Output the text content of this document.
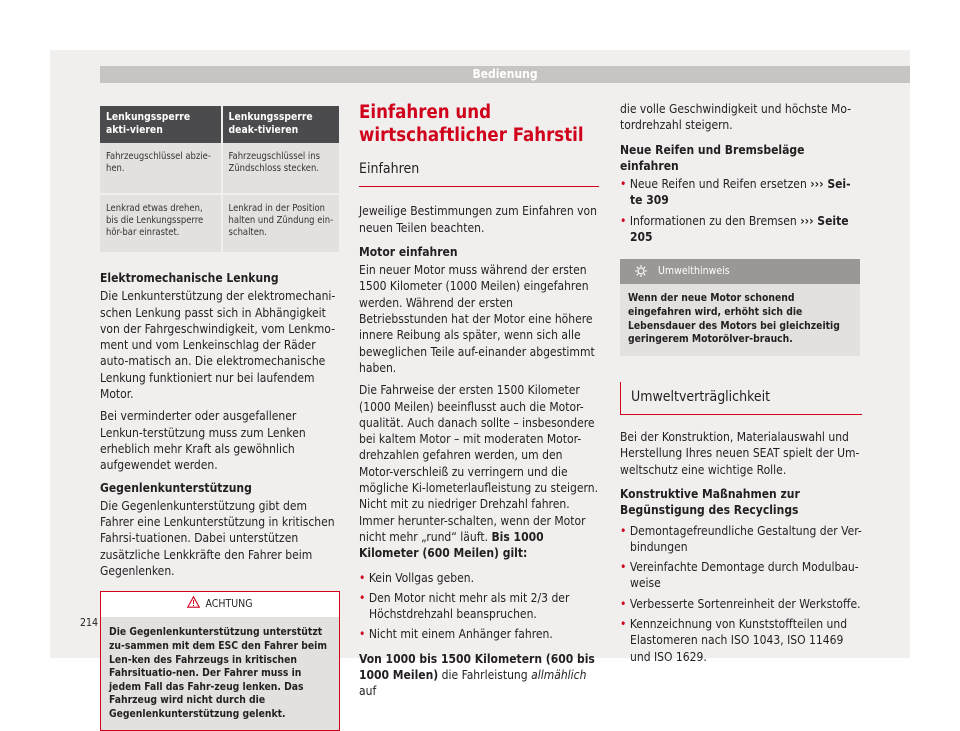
Bedienung
214
Lenkungssperre akti-vieren	Lenkungssperre deak-tivieren
Fahrzeugschlüssel abzie-hen.	Fahrzeugschlüssel ins Zündschloss stecken.
Lenkrad etwas drehen, bis die Lenkungssperre hör-bar einrastet.	Lenkrad in der Position halten und Zündung ein-schalten.

Elektromechanische Lenkung

Die Lenkunterstützung der elektromechani-schen Lenkung passt sich in Abhängigkeit von der Fahrgeschwindigkeit, vom Lenkmo-ment und vom Lenkeinschlag der Räder auto-matisch an. Die elektromechanische Lenkung funktioniert nur bei laufendem Motor.

Bei verminderter oder ausgefallener Lenkun-terstützung muss zum Lenken erheblich mehr Kraft als gewöhnlich aufgewendet werden.

Gegenlenkunterstützung

Die Gegenlenkunterstützung gibt dem Fahrer eine Lenkunterstützung in kritischen Fahrsi-tuationen. Dabei unterstützen zusätzliche Lenkkräfte den Fahrer beim Gegenlenken.

ACHTUNG
Die Gegenlenkunterstützung unterstützt zu-sammen mit dem ESC den Fahrer beim Len-ken des Fahrzeugs in kritischen Fahrsituatio-nen. Der Fahrer muss in jedem Fall das Fahr-zeug lenken. Das Fahrzeug wird nicht durch die Gegenlenkunterstützung gelenkt.
Einfahren und wirtschaftlicher Fahrstil
Einfahren

Jeweilige Bestimmungen zum Einfahren von neuen Teilen beachten.

Motor einfahren

Ein neuer Motor muss während der ersten 1500 Kilometer (1000 Meilen) eingefahren werden. Während der ersten Betriebsstunden hat der Motor eine höhere innere Reibung als später, wenn sich alle beweglichen Teile auf-einander abgestimmt haben.

Die Fahrweise der ersten 1500 Kilometer (1000 Meilen) beeinflusst auch die Motor-qualität. Auch danach sollte – insbesondere bei kaltem Motor – mit moderaten Motor-drehzahlen gefahren werden, um den Motor-verschleiß zu verringern und die mögliche Ki-lometerlaufleistung zu steigern. Nicht mit zu niedriger Drehzahl fahren. Immer herunter-schalten, wenn der Motor nicht mehr „rund“ läuft. Bis 1000 Kilometer (600 Meilen) gilt:

• Kein Vollgas geben.

• Den Motor nicht mehr als mit 2/3 der Höchstdrehzahl beanspruchen.

• Nicht mit einem Anhänger fahren.

Von 1000 bis 1500 Kilometern (600 bis 1000 Meilen) die Fahrleistung allmählich auf

die volle Geschwindigkeit und höchste Mo-tordrehzahl steigern.

Neue Reifen und Bremsbeläge einfahren

• Neue Reifen und Reifen ersetzen ››› Sei-te 309

• Informationen zu den Bremsen ››› Seite 205

Umwelthinweis
Wenn der neue Motor schonend eingefahren wird, erhöht sich die Lebensdauer des Motors bei gleichzeitig geringerem Motorölver-brauch.
Umweltverträglichkeit

Bei der Konstruktion, Materialauswahl und Herstellung Ihres neuen SEAT spielt der Um-weltschutz eine wichtige Rolle.

Konstruktive Maßnahmen zur Begünstigung des Recyclings

• Demontagefreundliche Gestaltung der Ver-bindungen

• Vereinfachte Demontage durch Modulbau-weise

• Verbesserte Sortenreinheit der Werkstoffe.

• Kennzeichnung von Kunststoffteilen und Elastomeren nach ISO 1043, ISO 11469 und ISO 1629.
